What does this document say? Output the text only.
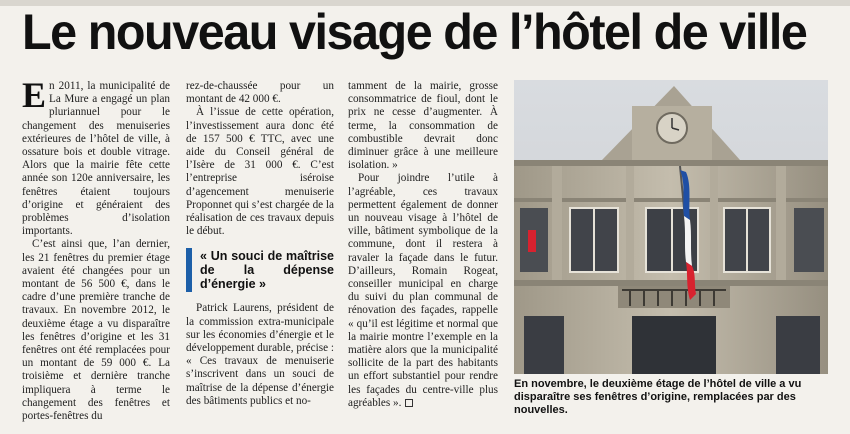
Le nouveau visage de l’hôtel de ville

En 2011, la municipalité de La Mure a engagé un plan pluriannuel pour le changement des menuiseries extérieures de l’hôtel de ville, à ossature bois et double vitrage. Alors que la mairie fête cette année son 120e anniversaire, les fenêtres étaient toujours d’origine et généraient des problèmes d’isolation importants.

C’est ainsi que, l’an dernier, les 21 fenêtres du premier étage avaient été changées pour un montant de 56 500 €, dans le cadre d’une première tranche de travaux. En novembre 2012, le deuxième étage a vu disparaître les fenêtres d’origine et les 31 fenêtres ont été remplacées pour un montant de 59 000 €. La troisième et dernière tranche impliquera à terme le changement des fenêtres et portes-fenêtres du

rez-de-chaussée pour un montant de 42 000 €.

À l’issue de cette opération, l’investissement aura donc été de 157 500 € TTC, avec une aide du Conseil général de l’Isère de 31 000 €. C’est l’entreprise iséroise d’agencement menuiserie Proponnet qui s’est chargée de la réalisation de ces travaux depuis le début.

« Un souci de maîtrise de la dépense d’énergie »

Patrick Laurens, président de la commission extra-municipale sur les économies d’énergie et le développement durable, précise : « Ces travaux de menuiserie s’inscrivent dans un souci de maîtrise de la dépense d’énergie des bâtiments publics et no-

tamment de la mairie, grosse consommatrice de fioul, dont le prix ne cesse d’augmenter. À terme, la consommation de combustible devrait donc diminuer grâce à une meilleure isolation. »

Pour joindre l’utile à l’agréable, ces travaux permettent également de donner un nouveau visage à l’hôtel de ville, bâtiment symbolique de la commune, dont il restera à ravaler la façade dans le futur. D’ailleurs, Romain Rogeat, conseiller municipal en charge du suivi du plan communal de rénovation des façades, rappelle « qu’il est légitime et normal que la mairie montre l’exemple en la matière alors que la municipalité sollicite de la part des habitants un effort substantiel pour rendre les façades du centre-ville plus agréables ».

En novembre, le deuxième étage de l’hôtel de ville a vu disparaître ses fenêtres d’origine, remplacées par des nouvelles.
